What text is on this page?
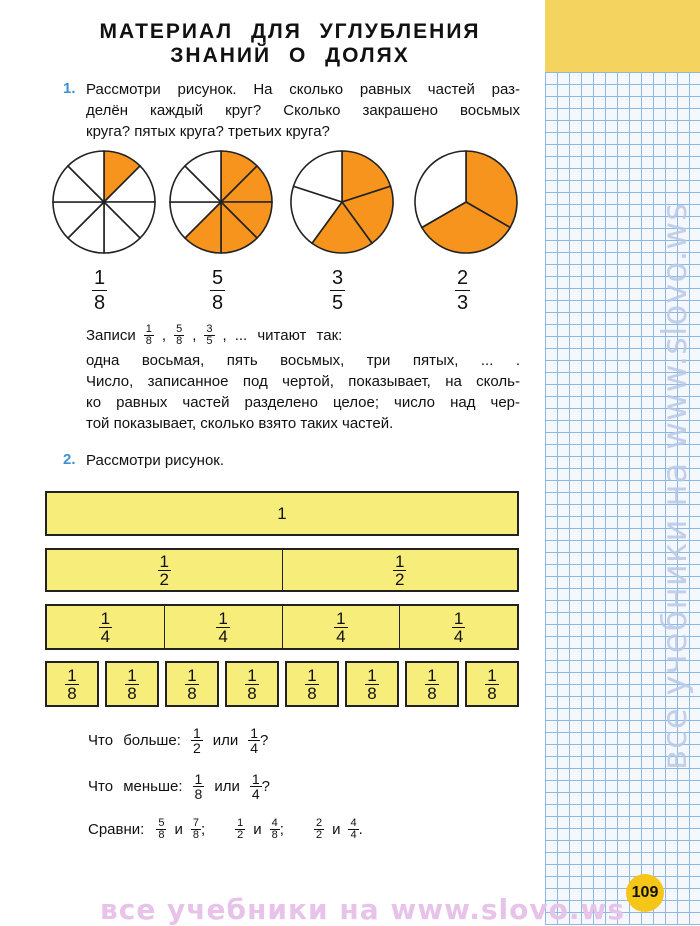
все учебники на www.slovo.ws
МАТЕРИАЛ ДЛЯ УГЛУБЛЕНИЯ
ЗНАНИЙ О ДОЛЯХ
1. Рассмотри рисунок. На сколько равных частей раз-
делён каждый круг? Сколько закрашено восьмых
круга? пятых круга? третьих круга?
$\frac{1}{8}$	$\frac{5}{8}$	$\frac{3}{5}$	$\frac{2}{3}$
Записи $\frac{1}{8}$ , $\frac{5}{8}$ , $\frac{3}{5}$ , ... читают так:
одна восьмая, пять восьмых, три пятых, ... .
Число, записанное под чертой, показывает, на сколь-
ко равных частей разделено целое; число над чер-
той показывает, сколько взято таких частей.
2. Рассмотри рисунок.
1
$\frac{1}{2}$	$\frac{1}{2}$
$\frac{1}{4}$	$\frac{1}{4}$	$\frac{1}{4}$	$\frac{1}{4}$
$\frac{1}{8}$	$\frac{1}{8}$	$\frac{1}{8}$	$\frac{1}{8}$	$\frac{1}{8}$	$\frac{1}{8}$	$\frac{1}{8}$	$\frac{1}{8}$
Что больше: $\frac{1}{2}$ или $\frac{1}{4}$ ?
Что меньше: $\frac{1}{8}$ или $\frac{1}{4}$ ?
Сравни: $\frac{5}{8}$ и $\frac{7}{8}$ ;	$\frac{1}{2}$ и $\frac{4}{8}$ ;	$\frac{2}{2}$ и $\frac{4}{4}$ .
109
все учебники на www.slovo.ws
